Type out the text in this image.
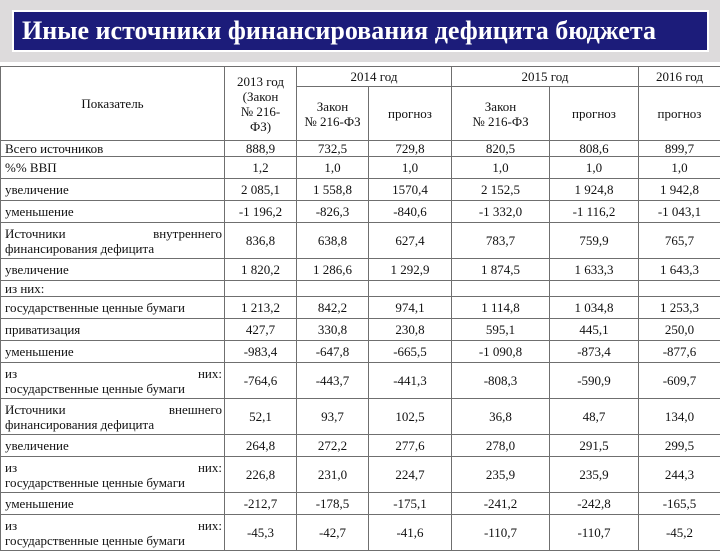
Иные источники финансирования дефицита бюджета
Показатель	2013 год
(Закон
№ 216-
ФЗ)	2014 год		2015 год		2016 год

		Закон
№ 216-ФЗ	прогноз	Закон
№ 216-ФЗ	прогноз	прогноз
Всего источников	888,9	732,5	729,8	820,5	808,6	899,7
%% ВВП	1,2	1,0	1,0	1,0	1,0	1,0
увеличение	2 085,1	1 558,8	1570,4	2 152,5	1 924,8	1 942,8
уменьшение	-1 196,2	-826,3	-840,6	-1 332,0	-1 116,2	-1 043,1

Источники внутреннего
финансирования дефицита	836,8	638,8	627,4	783,7	759,9	765,7
увеличение	1 820,2	1 286,6	1 292,9	1 874,5	1 633,3	1 643,3
из них:						
государственные ценные бумаги	1 213,2	842,2	974,1	1 114,8	1 034,8	1 253,3
приватизация	427,7	330,8	230,8	595,1	445,1	250,0
уменьшение	-983,4	-647,8	-665,5	-1 090,8	-873,4	-877,6

из них:
государственные ценные бумаги	-764,6	-443,7	-441,3	-808,3	-590,9	-609,7

Источники внешнего
финансирования дефицита	52,1	93,7	102,5	36,8	48,7	134,0
увеличение	264,8	272,2	277,6	278,0	291,5	299,5

из них:
государственные ценные бумаги	226,8	231,0	224,7	235,9	235,9	244,3
уменьшение	-212,7	-178,5	-175,1	-241,2	-242,8	-165,5

из них:
государственные ценные бумаги	-45,3	-42,7	-41,6	-110,7	-110,7	-45,2
